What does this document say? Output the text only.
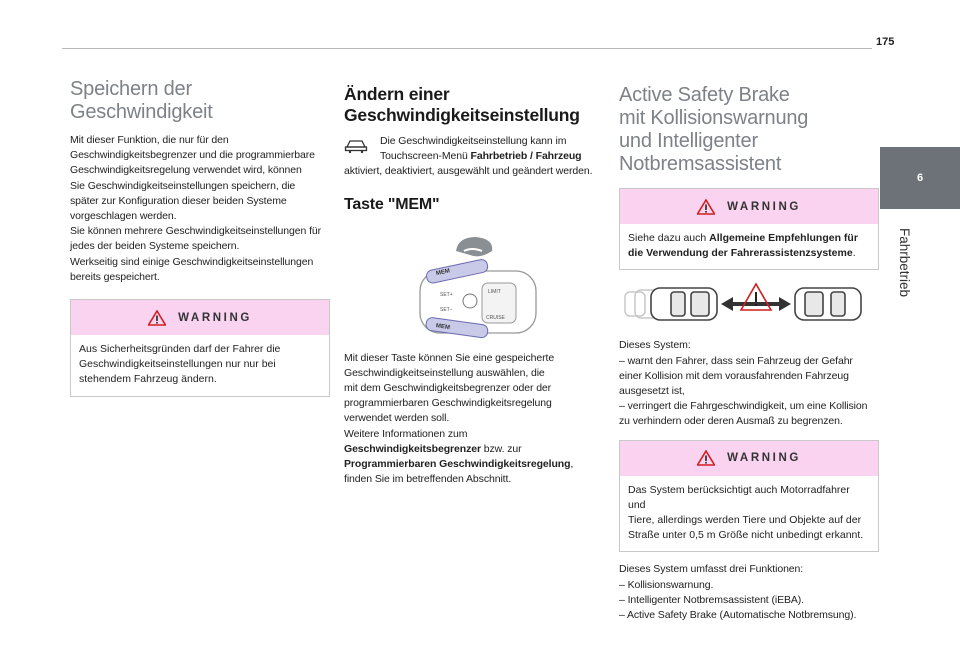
175
6
Fahrbetrieb
Speichern der
Geschwindigkeit

Mit dieser Funktion, die nur für den
Geschwindigkeitsbegrenzer und die programmierbare
Geschwindigkeitsregelung verwendet wird, können
Sie Geschwindigkeitseinstellungen speichern, die
später zur Konfiguration dieser beiden Systeme
vorgeschlagen werden.
Sie können mehrere Geschwindigkeitseinstellungen für
jedes der beiden Systeme speichern.
Werkseitig sind einige Geschwindigkeitseinstellungen
bereits gespeichert.

WARNING
Aus Sicherheitsgründen darf der Fahrer die
Geschwindigkeitseinstellungen nur nur bei
stehendem Fahrzeug ändern.
Ändern einer
Geschwindigkeitseinstellung

Die Geschwindigkeitseinstellung kann im
Touchscreen-Menü Fahrbetrieb / Fahrzeug
aktiviert, deaktiviert, ausgewählt und geändert werden.

Taste "MEM"
MEM
MEM
SET+
SET–
LIMIT
CRUISE

Mit dieser Taste können Sie eine gespeicherte
Geschwindigkeitseinstellung auswählen, die
mit dem Geschwindigkeitsbegrenzer oder der
programmierbaren Geschwindigkeitsregelung
verwendet werden soll.
Weitere Informationen zum
Geschwindigkeitsbegrenzer bzw. zur
Programmierbaren Geschwindigkeitsregelung,
finden Sie im betreffenden Abschnitt.

Active Safety Brake
mit Kollisionswarnung
und Intelligenter
Notbremsassistent
WARNING
Siehe dazu auch Allgemeine Empfehlungen für
die Verwendung der Fahrerassistenzsysteme.

Dieses System:
– warnt den Fahrer, dass sein Fahrzeug der Gefahr
einer Kollision mit dem vorausfahrenden Fahrzeug
ausgesetzt ist,
– verringert die Fahrgeschwindigkeit, um eine Kollision
zu verhindern oder deren Ausmaß zu begrenzen.

WARNING
Das System berücksichtigt auch Motorradfahrer und
Tiere, allerdings werden Tiere und Objekte auf der
Straße unter 0,5 m Größe nicht unbedingt erkannt.

Dieses System umfasst drei Funktionen:
– Kollisionswarnung.
– Intelligenter Notbremsassistent (iEBA).
– Active Safety Brake (Automatische Notbremsung).
